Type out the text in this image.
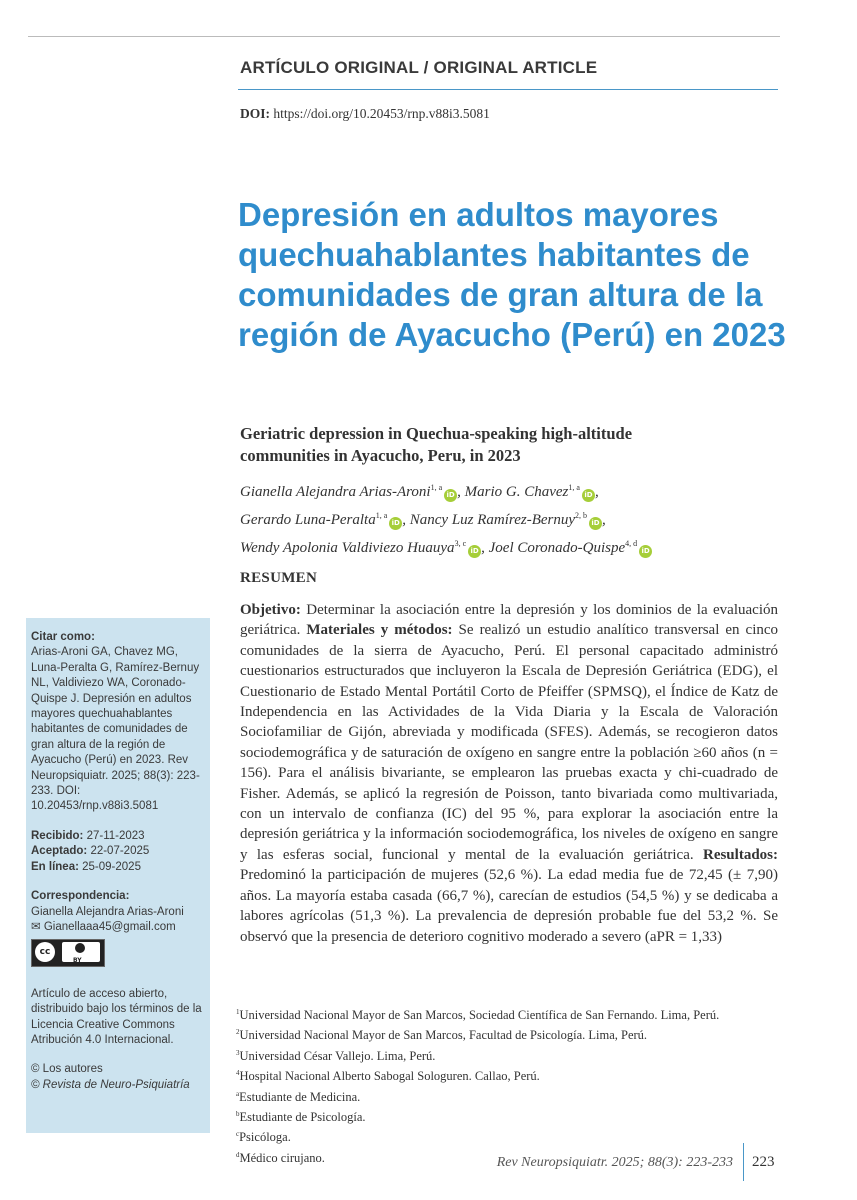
ARTÍCULO ORIGINAL / ORIGINAL ARTICLE
DOI: https://doi.org/10.20453/rnp.v88i3.5081
Depresión en adultos mayores quechuahablantes habitantes de comunidades de gran altura de la región de Ayacucho (Perú) en 2023
Geriatric depression in Quechua-speaking high-altitude communities in Ayacucho, Peru, in 2023
Gianella Alejandra Arias-Aroni$^{1, a}$iD , Mario G. Chavez$^{1, a}$iD ,
Gerardo Luna-Peralta$^{1, a}$iD , Nancy Luz Ramírez-Bernuy$^{2, b}$iD ,
Wendy Apolonia Valdiviezo Huauya$^{3, c}$iD , Joel Coronado-Quispe$^{4, d}$iD
RESUMEN

Objetivo: Determinar la asociación entre la depresión y los dominios de la evaluación geriátrica. Materiales y métodos: Se realizó un estudio analítico transversal en cinco comunidades de la sierra de Ayacucho, Perú. El personal capacitado administró cuestionarios estructurados que incluyeron la Escala de Depresión Geriátrica (EDG), el Cuestionario de Estado Mental Portátil Corto de Pfeiffer (SPMSQ), el Índice de Katz de Independencia en las Actividades de la Vida Diaria y la Escala de Valoración Sociofamiliar de Gijón, abreviada y modificada (SFES). Además, se recogieron datos sociodemográfica y de saturación de oxígeno en sangre entre la población ≥60 años (n = 156). Para el análisis bivariante, se emplearon las pruebas exacta y chi-cuadrado de Fisher. Además, se aplicó la regresión de Poisson, tanto bivariada como multivariada, con un intervalo de confianza (IC) del 95 %, para explorar la asociación entre la depresión geriátrica y la información sociodemográfica, los niveles de oxígeno en sangre y las esferas social, funcional y mental de la evaluación geriátrica. Resultados: Predominó la participación de mujeres (52,6 %). La edad media fue de 72,45 (± 7,90) años. La mayoría estaba casada (66,7 %), carecían de estudios (54,5 %) y se dedicaba a labores agrícolas (51,3 %). La prevalencia de depresión probable fue del 53,2 %. Se observó que la presencia de deterioro cognitivo moderado a severo (aPR = 1,33)

Citar como:

Arias-Aroni GA, Chavez MG, Luna-Peralta G, Ramírez-Bernuy NL, Valdiviezo WA, Coronado-Quispe J. Depresión en adultos mayores quechuahablantes habitantes de comunidades de gran altura de la región de Ayacucho (Perú) en 2023. Rev Neuropsiquiatr. 2025; 88(3): 223-233. DOI: 10.20453/rnp.v88i3.5081

Recibido: 27-11-2023

Aceptado: 22-07-2025

En línea: 25-09-2025

Correspondencia:

Gianella Alejandra Arias-Aroni

✉ Gianellaaa45@gmail.com

cc
BY

Artículo de acceso abierto, distribuido bajo los términos de la Licencia Creative Commons Atribución 4.0 Internacional.

© Los autores

© Revista de Neuro-Psiquiatría

$^1$Universidad Nacional Mayor de San Marcos, Sociedad Científica de San Fernando. Lima, Perú.
$^2$Universidad Nacional Mayor de San Marcos, Facultad de Psicología. Lima, Perú.
$^3$Universidad César Vallejo. Lima, Perú.
$^4$Hospital Nacional Alberto Sabogal Sologuren. Callao, Perú.
$^a$Estudiante de Medicina.
$^b$Estudiante de Psicología.
$^c$Psicóloga.
$^d$Médico cirujano.	Rev Neuropsiquiatr. 2025; 88(3): 223-233 223
